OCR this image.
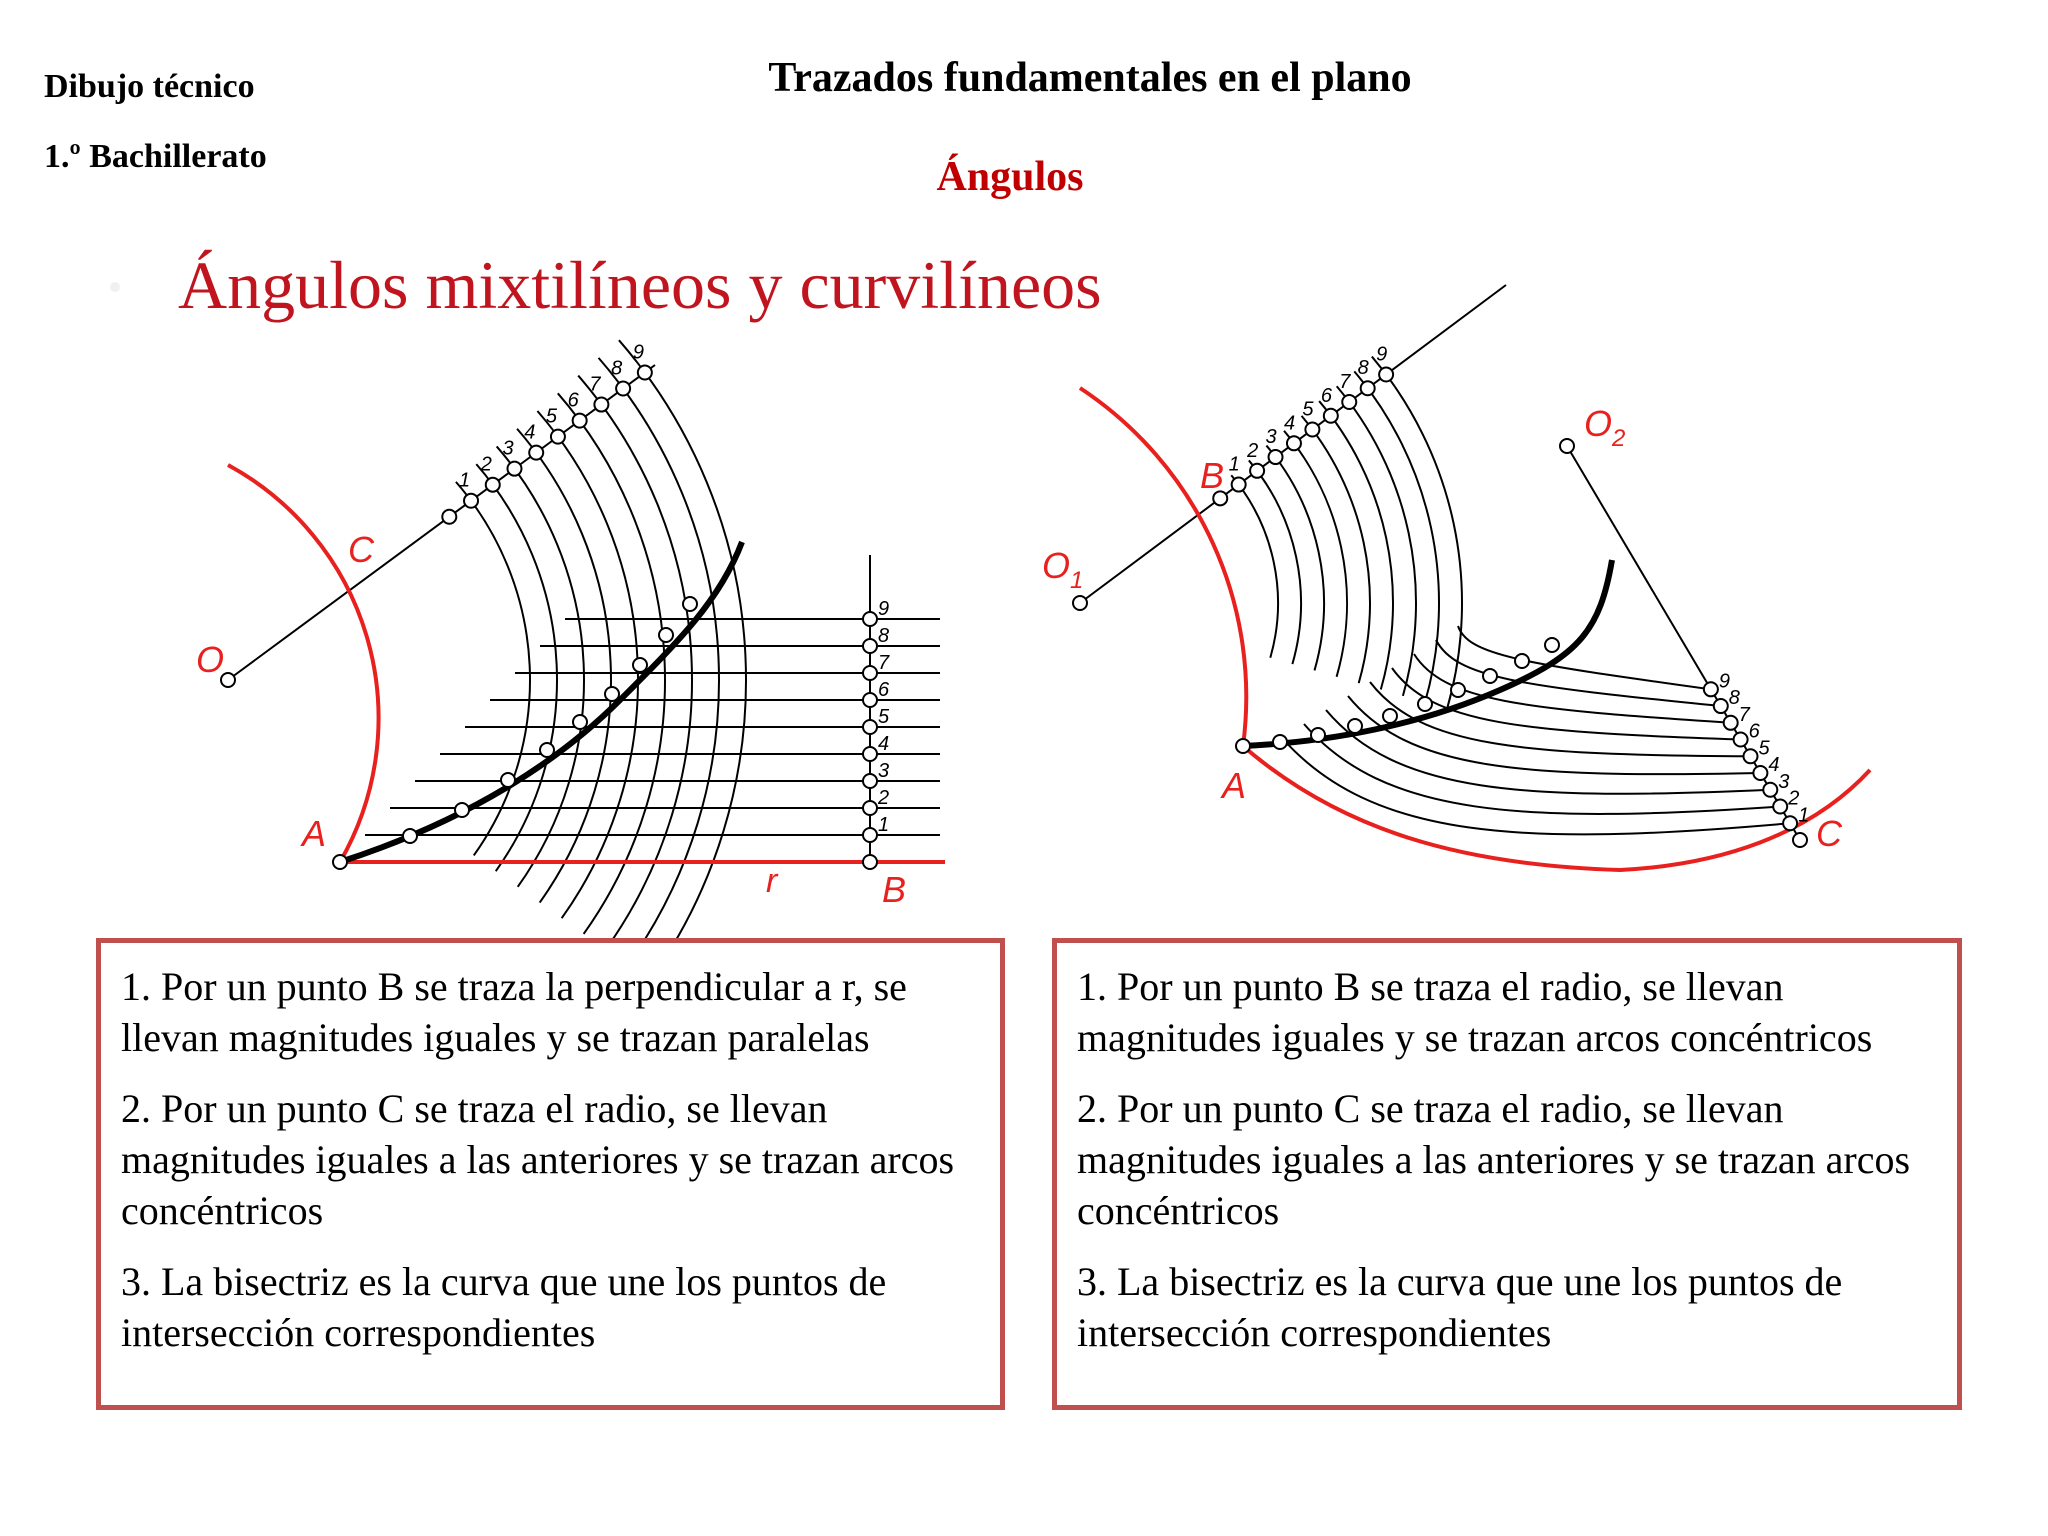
Dibujo técnico
1.º Bachillerato
Trazados fundamentales en el plano
Ángulos
Ángulos mixtilíneos y curvilíneos
1
1
2
2
3
3
4
4
5
5
6
6
7
7
8
8
9
9
O
C
A
r	B
1
1
2
2
3
3
4
4
5
5
6
6
7
7
8
8
9
9
O 1
O 2
B
A
C
1. Por un punto B se traza la perpendicular a r, se llevan magnitudes iguales y se trazan paralelas
2. Por un punto C se traza el radio, se llevan magnitudes iguales a las anteriores y se trazan arcos concéntricos
3. La bisectriz es la curva que une los puntos de intersección correspondientes
1. Por un punto B se traza el radio, se llevan magnitudes iguales y se trazan arcos concéntricos
2. Por un punto C se traza el radio, se llevan magnitudes iguales a las anteriores y se trazan arcos concéntricos
3. La bisectriz es la curva que une los puntos de intersección correspondientes
